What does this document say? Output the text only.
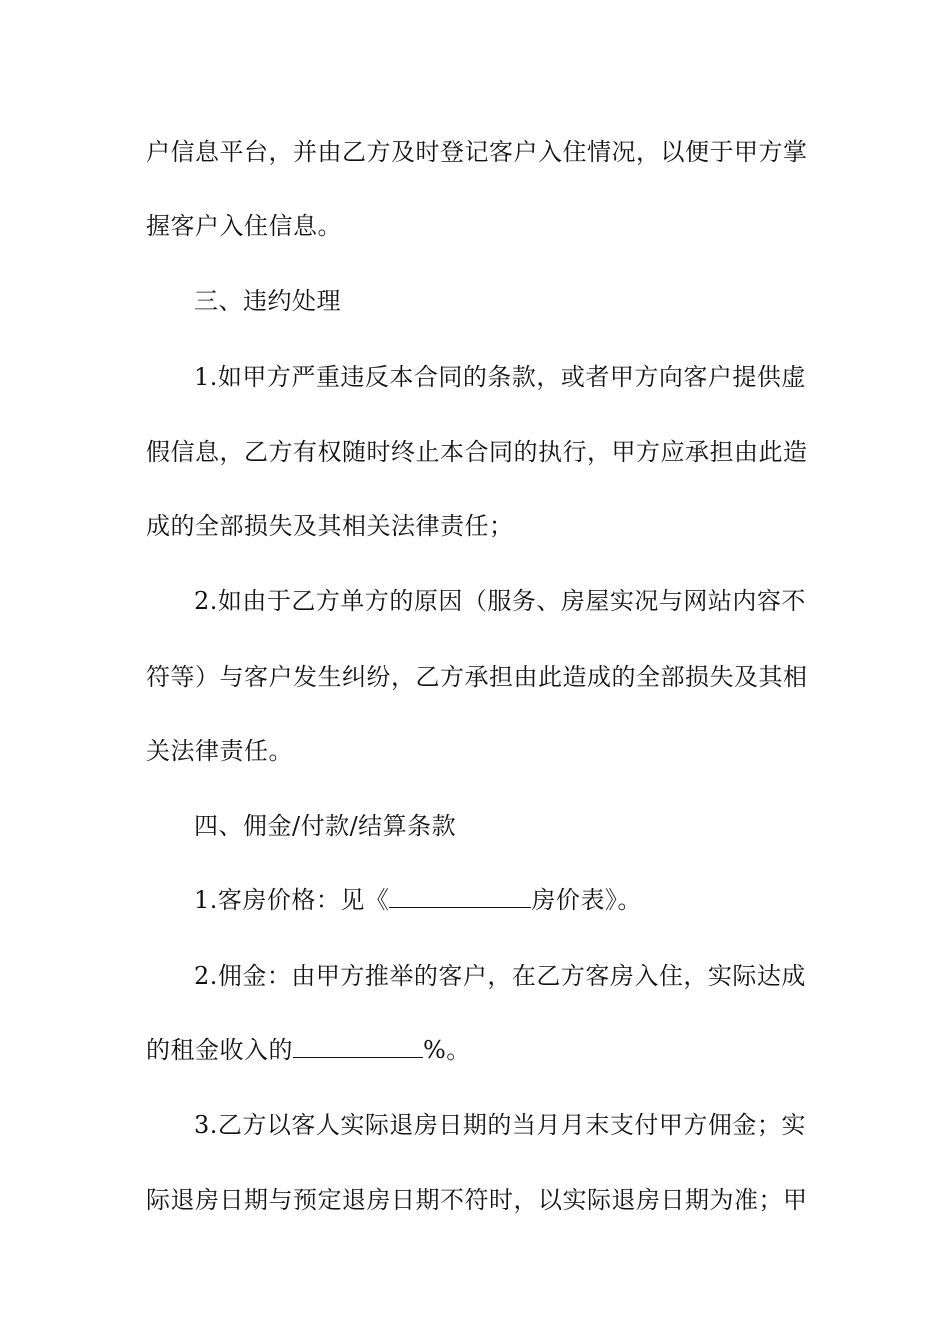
户信息平台，并由乙方及时登记客户入住情况，以便于甲方掌
握客户入住信息。
三、违约处理
1.如甲方严重违反本合同的条款，或者甲方向客户提供虚
假信息，乙方有权随时终止本合同的执行，甲方应承担由此造
成的全部损失及其相关法律责任；
2.如由于乙方单方的原因（服务、房屋实况与网站内容不
符等）与客户发生纠纷，乙方承担由此造成的全部损失及其相
关法律责任。
四、佣金/付款/结算条款
1.客房价格：见《	房价表》。
2.佣金：由甲方推举的客户，在乙方客房入住，实际达成
的租金收入的	%。
3.乙方以客人实际退房日期的当月月末支付甲方佣金；实
际退房日期与预定退房日期不符时，以实际退房日期为准；甲
